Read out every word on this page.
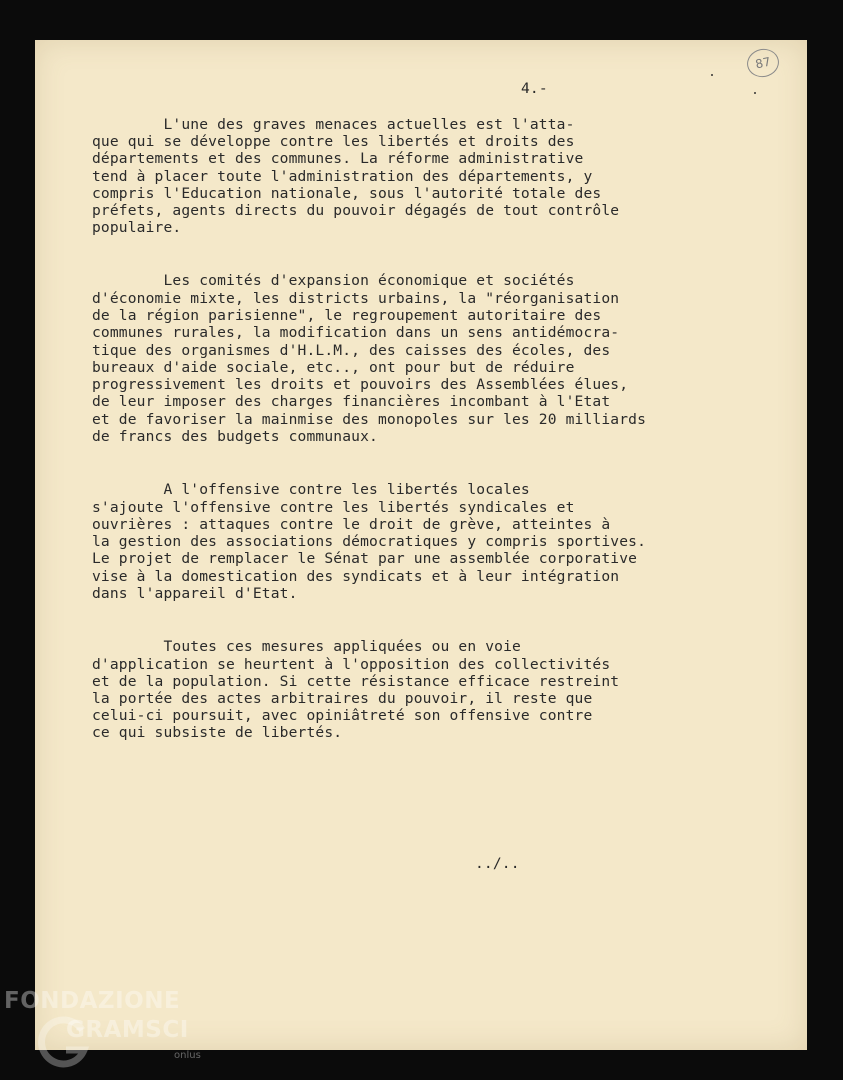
87
4.-
L'une des graves menaces actuelles est l'atta-
que qui se développe contre les libertés et droits des
départements et des communes. La réforme administrative
tend à placer toute l'administration des départements, y
compris l'Education nationale, sous l'autorité totale des
préfets, agents directs du pouvoir dégagés de tout contrôle
populaire.
Les comités d'expansion économique et sociétés
d'économie mixte, les districts urbains, la "réorganisation
de la région parisienne", le regroupement autoritaire des
communes rurales, la modification dans un sens antidémocra-
tique des organismes d'H.L.M., des caisses des écoles, des
bureaux d'aide sociale, etc.., ont pour but de réduire
progressivement les droits et pouvoirs des Assemblées élues,
de leur imposer des charges financières incombant à l'Etat
et de favoriser la mainmise des monopoles sur les 20 milliards
de francs des budgets communaux.
A l'offensive contre les libertés locales
s'ajoute l'offensive contre les libertés syndicales et
ouvrières : attaques contre le droit de grève, atteintes à
la gestion des associations démocratiques y compris sportives.
Le projet de remplacer le Sénat par une assemblée corporative
vise à la domestication des syndicats et à leur intégration
dans l'appareil d'Etat.
Toutes ces mesures appliquées ou en voie
d'application se heurtent à l'opposition des collectivités
et de la population. Si cette résistance efficace restreint
la portée des actes arbitraires du pouvoir, il reste que
celui-ci poursuit, avec opiniâtreté son offensive contre
ce qui subsiste de libertés.
../..
FONDAZIONE
GRAMSCI
onlus
